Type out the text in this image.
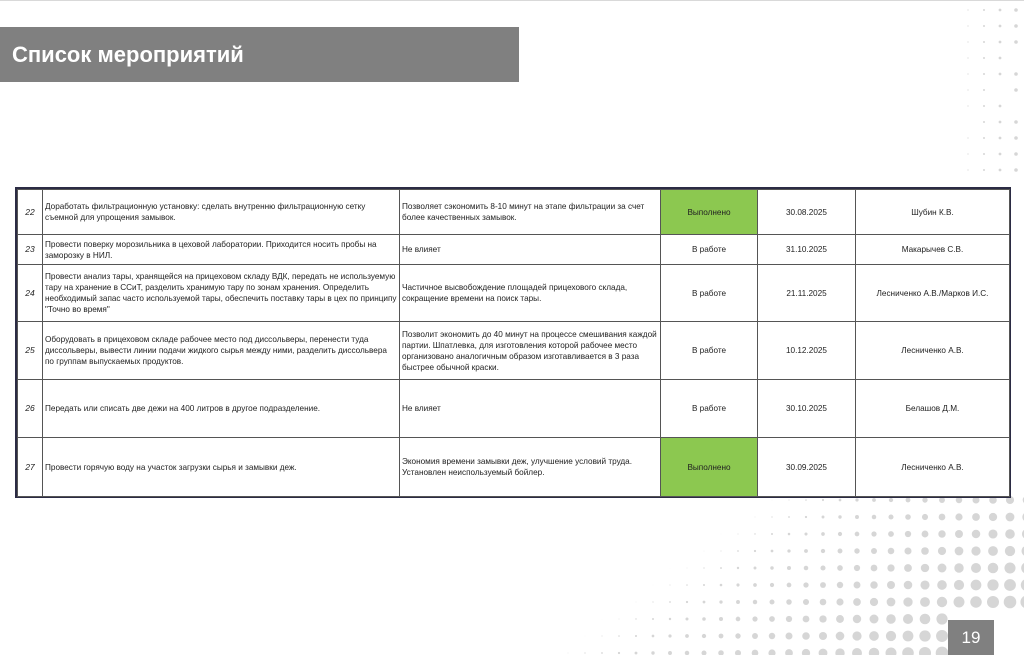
Список мероприятий
22	Доработать фильтрационную установку: сделать внутренню фильтрационную сетку съемной для упрощения замывок.	Позволяет сэкономить 8-10 минут на этапе фильтрации за счет более качественных замывок.	Выполнено	30.08.2025	Шубин К.В.
23	Провести поверку морозильника в цеховой лаборатории. Приходится носить пробы на заморозку в НИЛ.	Не влияет	В работе	31.10.2025	Макарычев С.В.
24	Провести анализ тары, хранящейся на прицеховом складу ВДК, передать не используемую тару на хранение в ССиТ, разделить хранимую тару по зонам хранения. Определить необходимый запас часто используемой тары, обеспечить поставку тары в цех по принципу "Точно во время"	Частичное высвобождение площадей прицехового склада, сокращение времени на поиск тары.	В работе	21.11.2025	Лесниченко А.В./Марков И.С.
25	Оборудовать в прицеховом складе рабочее место под диссольверы, перенести туда диссольверы, вывести линии подачи жидкого сырья между ними, разделить диссольвера по группам выпускаемых продуктов.	Позволит экономить до 40 минут на процессе смешивания каждой партии. Шпатлевка, для изготовления которой рабочее место организовано аналогичным образом изготавливается в 3 раза быстрее обычной краски.	В работе	10.12.2025	Лесниченко А.В.
26	Передать или списать две дежи на 400 литров в другое подразделение.	Не влияет	В работе	30.10.2025	Белашов Д.М.
27	Провести горячую воду на участок загрузки сырья и замывки деж.	Экономия времени замывки деж, улучшение условий труда. Установлен неиспользуемый бойлер.	Выполнено	30.09.2025	Лесниченко А.В.
19
